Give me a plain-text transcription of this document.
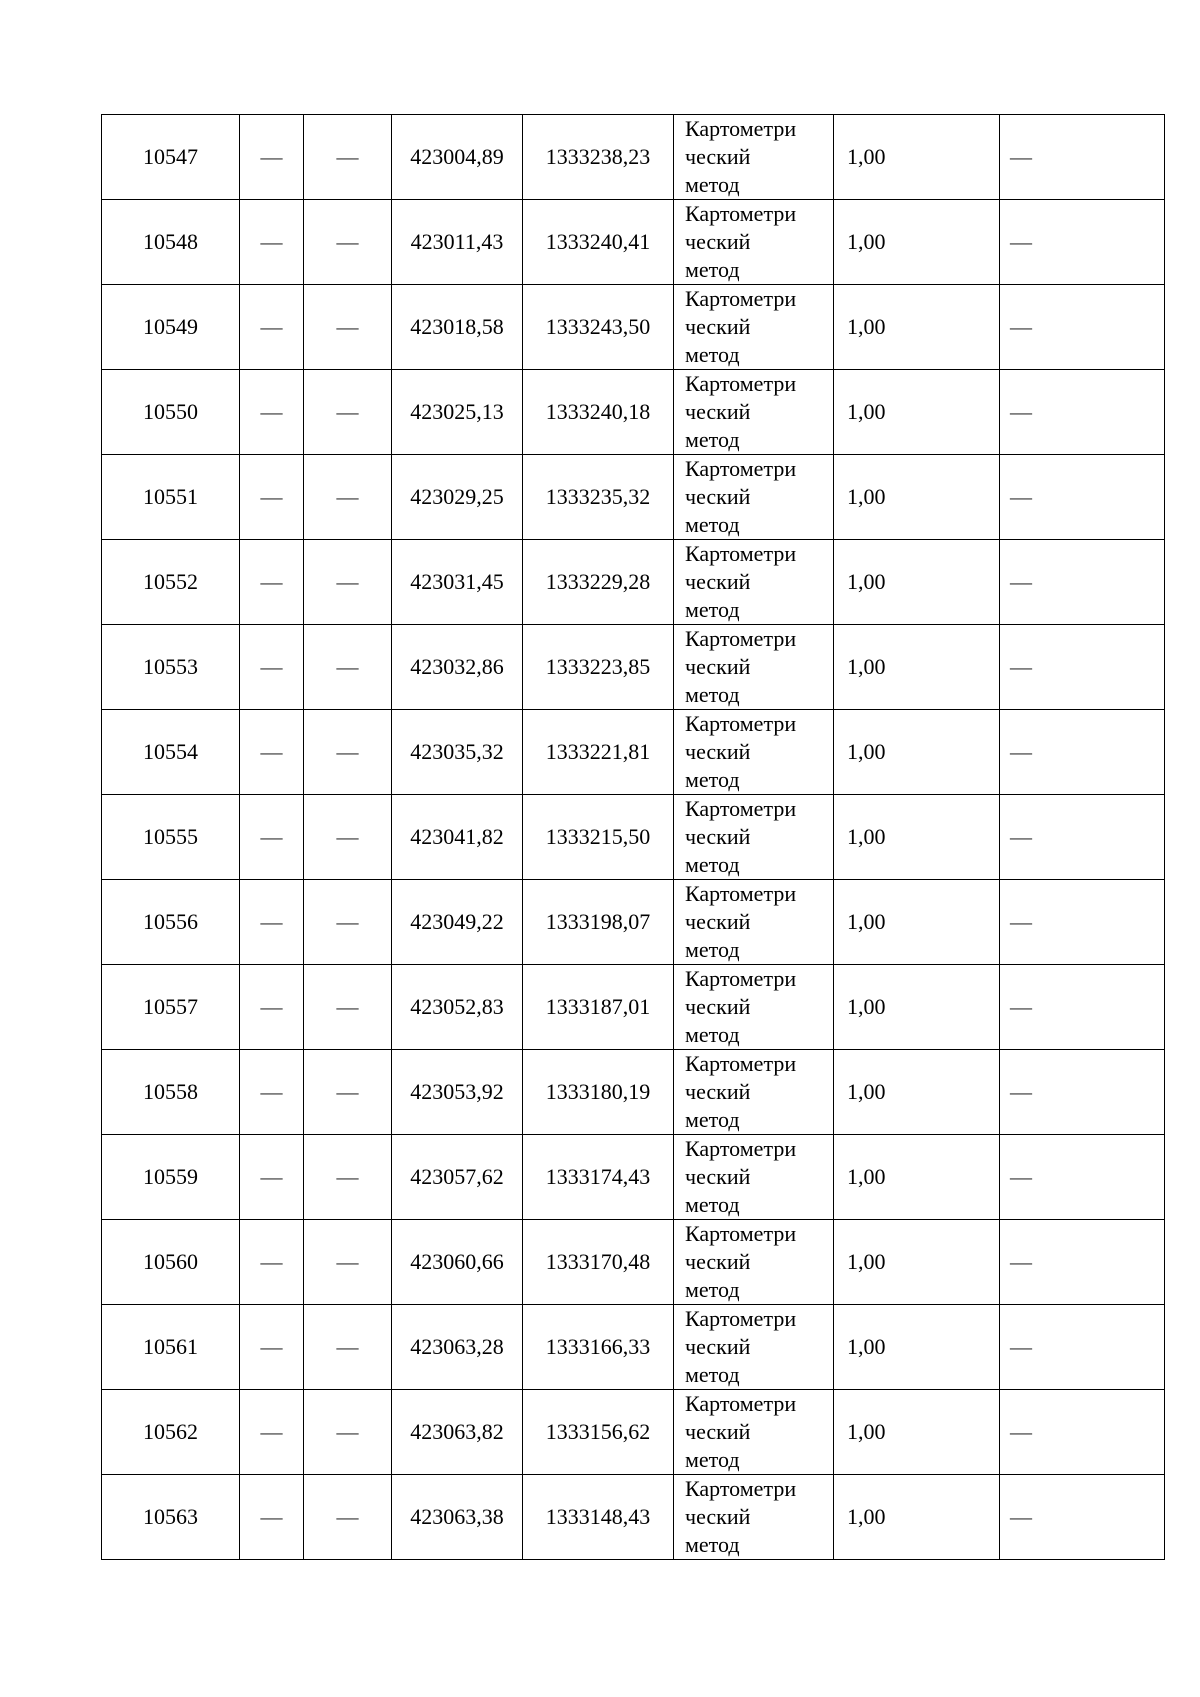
10547	—	—	423004,89	1333238,23	Картометри
ческий
метод	1,00	—
10548	—	—	423011,43	1333240,41	Картометри
ческий
метод	1,00	—
10549	—	—	423018,58	1333243,50	Картометри
ческий
метод	1,00	—
10550	—	—	423025,13	1333240,18	Картометри
ческий
метод	1,00	—
10551	—	—	423029,25	1333235,32	Картометри
ческий
метод	1,00	—
10552	—	—	423031,45	1333229,28	Картометри
ческий
метод	1,00	—
10553	—	—	423032,86	1333223,85	Картометри
ческий
метод	1,00	—
10554	—	—	423035,32	1333221,81	Картометри
ческий
метод	1,00	—
10555	—	—	423041,82	1333215,50	Картометри
ческий
метод	1,00	—
10556	—	—	423049,22	1333198,07	Картометри
ческий
метод	1,00	—
10557	—	—	423052,83	1333187,01	Картометри
ческий
метод	1,00	—
10558	—	—	423053,92	1333180,19	Картометри
ческий
метод	1,00	—
10559	—	—	423057,62	1333174,43	Картометри
ческий
метод	1,00	—
10560	—	—	423060,66	1333170,48	Картометри
ческий
метод	1,00	—
10561	—	—	423063,28	1333166,33	Картометри
ческий
метод	1,00	—
10562	—	—	423063,82	1333156,62	Картометри
ческий
метод	1,00	—
10563	—	—	423063,38	1333148,43	Картометри
ческий
метод	1,00	—
